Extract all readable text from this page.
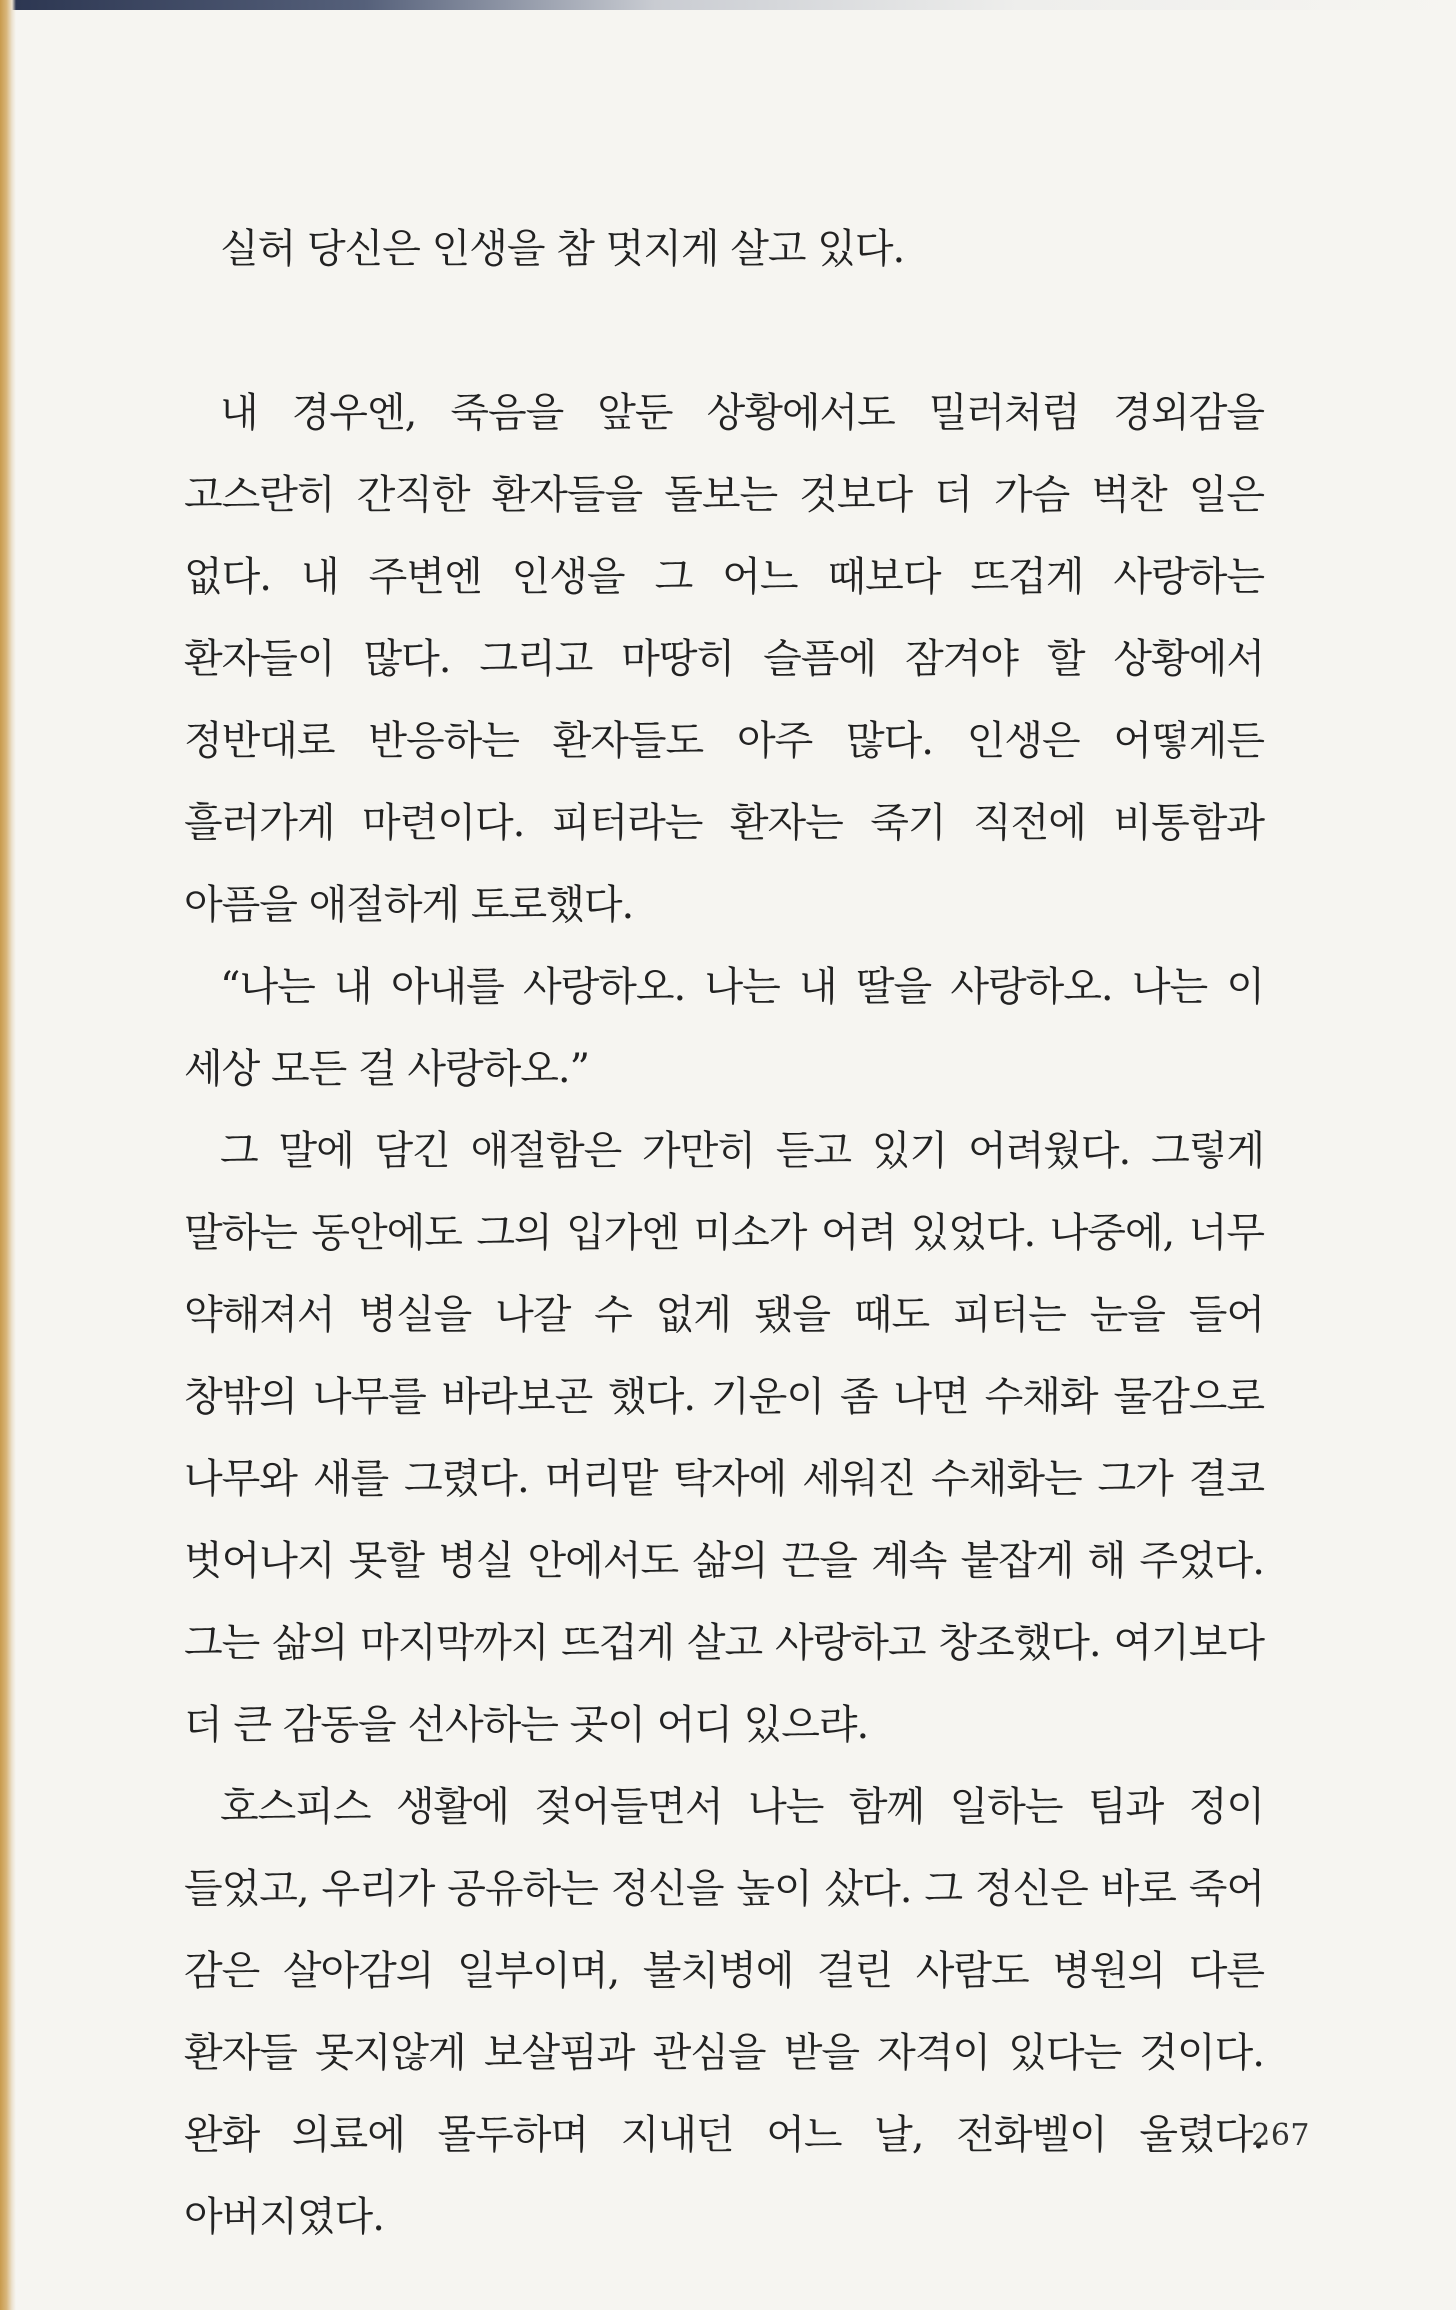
실허 당신은 인생을 참 멋지게 살고 있다.

내 경우엔, 죽음을 앞둔 상황에서도 밀러처럼 경외감을 고스란히 간직한 환자들을 돌보는 것보다 더 가슴 벅찬 일은 없다. 내 주변엔 인생을 그 어느 때보다 뜨겁게 사랑하는 환자들이 많다. 그리고 마땅히 슬픔에 잠겨야 할 상황에서 정반대로 반응하는 환자들도 아주 많다. 인생은 어떻게든 흘러가게 마련이다. 피터라는 환자는 죽기 직전에 비통함과 아픔을 애절하게 토로했다.

“나는 내 아내를 사랑하오. 나는 내 딸을 사랑하오. 나는 이 세상 모든 걸 사랑하오.”

그 말에 담긴 애절함은 가만히 듣고 있기 어려웠다. 그렇게 말하는 동안에도 그의 입가엔 미소가 어려 있었다. 나중에, 너무 약해져서 병실을 나갈 수 없게 됐을 때도 피터는 눈을 들어 창밖의 나무를 바라보곤 했다. 기운이 좀 나면 수채화 물감으로 나무와 새를 그렸다. 머리맡 탁자에 세워진 수채화는 그가 결코 벗어나지 못할 병실 안에서도 삶의 끈을 계속 붙잡게 해 주었다. 그는 삶의 마지막까지 뜨겁게 살고 사랑하고 창조했다. 여기보다 더 큰 감동을 선사하는 곳이 어디 있으랴.

호스피스 생활에 젖어들면서 나는 함께 일하는 팀과 정이 들었고, 우리가 공유하는 정신을 높이 샀다. 그 정신은 바로 죽어 감은 살아감의 일부이며, 불치병에 걸린 사람도 병원의 다른 환자들 못지않게 보살핌과 관심을 받을 자격이 있다는 것이다. 완화 의료에 몰두하며 지내던 어느 날, 전화벨이 울렸다. 아버지였다.

267
